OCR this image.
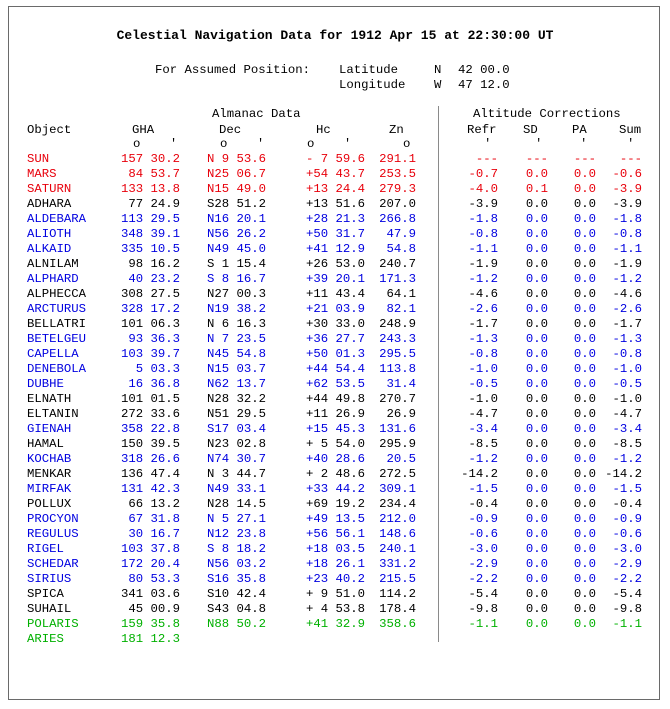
Celestial Navigation Data for 1912 Apr 15 at 22:30:00 UT
For Assumed Position: Latitude	N 42 00.0
Longitude W 47 12.0
Almanac Data	Altitude Corrections
Object	GHA	Dec	Hc	Zn	Refr SD	PA	Sum
o    '	o    '	o    '	o	'	'	'	'
SUN	157 30.2	N 9 53.6	- 7 59.6	291.1	---	---	---	---
MARS	84 53.7	N25 06.7	+54 43.7	253.5	-0.7	0.0	0.0	-0.6
SATURN	133 13.8	N15 49.0	+13 24.4	279.3	-4.0	0.1	0.0	-3.9
ADHARA	77 24.9	S28 51.2	+13 51.6	207.0	-3.9	0.0	0.0	-3.9
ALDEBARA	113 29.5	N16 20.1	+28 21.3	266.8	-1.8	0.0	0.0	-1.8
ALIOTH	348 39.1	N56 26.2	+50 31.7	47.9	-0.8	0.0	0.0	-0.8
ALKAID	335 10.5	N49 45.0	+41 12.9	54.8	-1.1	0.0	0.0	-1.1
ALNILAM	98 16.2	S 1 15.4	+26 53.0	240.7	-1.9	0.0	0.0	-1.9
ALPHARD	40 23.2	S 8 16.7	+39 20.1	171.3	-1.2	0.0	0.0	-1.2
ALPHECCA	308 27.5	N27 00.3	+11 43.4	64.1	-4.6	0.0	0.0	-4.6
ARCTURUS	328 17.2	N19 38.2	+21 03.9	82.1	-2.6	0.0	0.0	-2.6
BELLATRI	101 06.3	N 6 16.3	+30 33.0	248.9	-1.7	0.0	0.0	-1.7
BETELGEU	93 36.3	N 7 23.5	+36 27.7	243.3	-1.3	0.0	0.0	-1.3
CAPELLA	103 39.7	N45 54.8	+50 01.3	295.5	-0.8	0.0	0.0	-0.8
DENEBOLA	5 03.3	N15 03.7	+44 54.4	113.8	-1.0	0.0	0.0	-1.0
DUBHE	16 36.8	N62 13.7	+62 53.5	31.4	-0.5	0.0	0.0	-0.5
ELNATH	101 01.5	N28 32.2	+44 49.8	270.7	-1.0	0.0	0.0	-1.0
ELTANIN	272 33.6	N51 29.5	+11 26.9	26.9	-4.7	0.0	0.0	-4.7
GIENAH	358 22.8	S17 03.4	+15 45.3	131.6	-3.4	0.0	0.0	-3.4
HAMAL	150 39.5	N23 02.8	+ 5 54.0	295.9	-8.5	0.0	0.0	-8.5
KOCHAB	318 26.6	N74 30.7	+40 28.6	20.5	-1.2	0.0	0.0	-1.2
MENKAR	136 47.4	N 3 44.7	+ 2 48.6	272.5	-14.2	0.0	0.0 -14.2
MIRFAK	131 42.3	N49 33.1	+33 44.2	309.1	-1.5	0.0	0.0	-1.5
POLLUX	66 13.2	N28 14.5	+69 19.2	234.4	-0.4	0.0	0.0	-0.4
PROCYON	67 31.8	N 5 27.1	+49 13.5	212.0	-0.9	0.0	0.0	-0.9
REGULUS	30 16.7	N12 23.8	+56 56.1	148.6	-0.6	0.0	0.0	-0.6
RIGEL	103 37.8	S 8 18.2	+18 03.5	240.1	-3.0	0.0	0.0	-3.0
SCHEDAR	172 20.4	N56 03.2	+18 26.1	331.2	-2.9	0.0	0.0	-2.9
SIRIUS	80 53.3	S16 35.8	+23 40.2	215.5	-2.2	0.0	0.0	-2.2
SPICA	341 03.6	S10 42.4	+ 9 51.0	114.2	-5.4	0.0	0.0	-5.4
SUHAIL	45 00.9	S43 04.8	+ 4 53.8	178.4	-9.8	0.0	0.0	-9.8
POLARIS	159 35.8	N88 50.2	+41 32.9	358.6	-1.1	0.0	0.0	-1.1
ARIES	181 12.3
